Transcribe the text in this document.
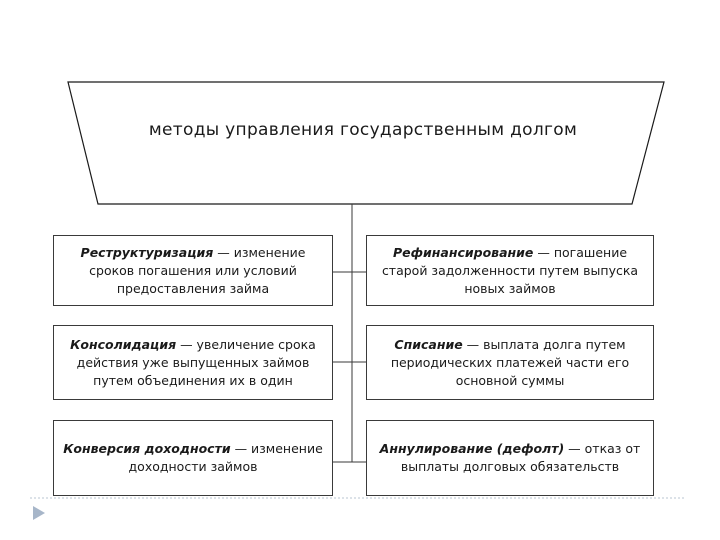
методы управления государственным долгом
Реструктуризация — изменение сроков погашения или условий предоставления займа
Рефинансирование — погашение старой задолженности путем выпуска новых займов
Консолидация — увеличение срока действия уже выпущенных займов путем объединения их в один
Списание — выплата долга путем периодических платежей части его основной суммы
Конверсия доходности — изменение доходности займов
Аннулирование (дефолт) — отказ от выплаты долговых обязательств
